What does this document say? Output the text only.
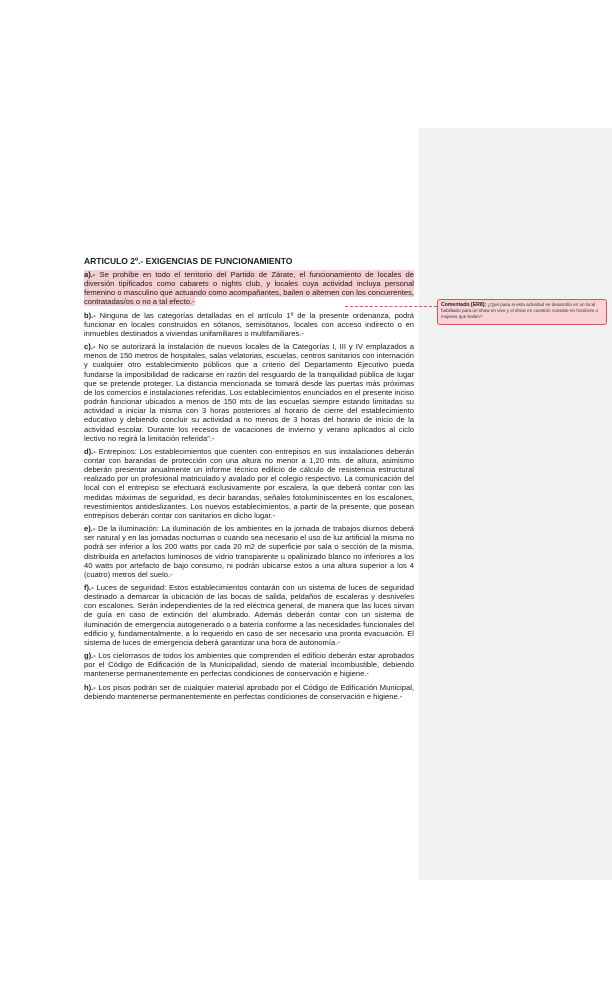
ARTICULO 2º.- EXIGENCIAS DE FUNCIONAMIENTO

a).- Se prohíbe en todo el territorio del Partido de Zárate, el funcionamiento de locales de diversión tipificados como cabarets o nights club, y locales cuya actividad incluya personal femenino o masculino que actuando como acompañantes, bailen o alternen con los concurrentes, contratadas/os o no a tal efecto.-

b).- Ninguna de las categorías detalladas en el artículo 1º de la presente ordenanza, podrá funcionar en locales construidos en sótanos, semisótanos, locales con acceso indirecto o en inmuebles destinados a viviendas unifamiliares o multifamiliares.-

c).- No se autorizará la instalación de nuevos locales de la Categorías I, III y IV emplazados a menos de 150 metros de hospitales, salas velatorias, escuelas, centros sanitarios con internación y cualquier otro establecimiento públicos que a criterio del Departamento Ejecutivo pueda fundarse la imposibilidad de radicarse en razón del resguardo de la tranquilidad pública de lugar que se pretende proteger. La distancia mencionada se tomará desde las puertas más próximas de los comercios e instalaciones referidas. Los establecimientos enunciados en el presente inciso podrán funcionar ubicados a menos de 150 mts de las escuelas siempre estando limitadas su actividad a iniciar la misma con 3 horas posteriores al horario de cierre del establecimiento educativo y debiendo concluir su actividad a no menos de 3 horas del horario de inicio de la actividad escolar. Durante los recesos de vacaciones de invierno y verano aplicados al ciclo lectivo no regirá la limitación referida".-

d).- Entrepisos: Los establecimientos que cuenten con entrepisos en sus instalaciones deberán contar con barandas de protección con una altura no menor a 1,20 mts. de altura, asimismo deberán presentar anualmente un informe técnico edilicio de cálculo de resistencia estructural realizado por un profesional matriculado y avalado por el colegio respectivo. La comunicación del local con el entrepiso se efectuará exclusivamente por escalera, la que deberá contar con las medidas máximas de seguridad, es decir barandas, señales fotoluminiscentes en los escalones, revestimientos antideslizantes. Los nuevos establecimientos, a partir de la presente, que posean entrepisos deberán contar con sanitarios en dicho lugar.-

e).- De la iluminación: La iluminación de los ambientes en la jornada de trabajos diurnos deberá ser natural y en las jornadas nocturnas o cuando sea necesario el uso de luz artificial la misma no podrá ser inferior a los 200 watts por cada 20 m2 de superficie por sala o sección de la misma, distribuida en artefactos luminosos de vidrio transparente u opalinizado blanco no inferiores a los 40 watts por artefacto de bajo consumo, ni podrán ubicarse estos a una altura superior a los 4 (cuatro) metros del suelo.-

f).- Luces de seguridad: Estos establecimientos contarán con un sistema de luces de seguridad destinado a demarcar la ubicación de las bocas de salida, peldaños de escaleras y desniveles con escalones. Serán independientes de la red eléctrica general, de manera que las luces sirvan de guía en caso de extinción del alumbrado. Además deberán contar con un sistema de iluminación de emergencia autogenerado o a batería conforme a las necesidades funcionales del edificio y, fundamentalmente, a lo requerido en caso de ser necesario una pronta evacuación. El sistema de luces de emergencia deberá garantizar una hora de autonomía.-

g).- Los cielorrasos de todos los ambientes que comprenden el edificio deberán estar aprobados por el Código de Edificación de la Municipalidad, siendo de material incombustible, debiendo mantenerse permanentemente en perfectas condiciones de conservación e higiene.-

h).- Los pisos podrán ser de cualquier material aprobado por el Código de Edificación Municipal, debiendo mantenerse permanentemente en perfectas condiciones de conservación e higiene.-

Comentado [ER8]: ¿Qué pasa si esta actividad se desarrolla en un local habilitado para un show en vivo y el show en cuestión consiste en hombres o mujeres que bailen?
